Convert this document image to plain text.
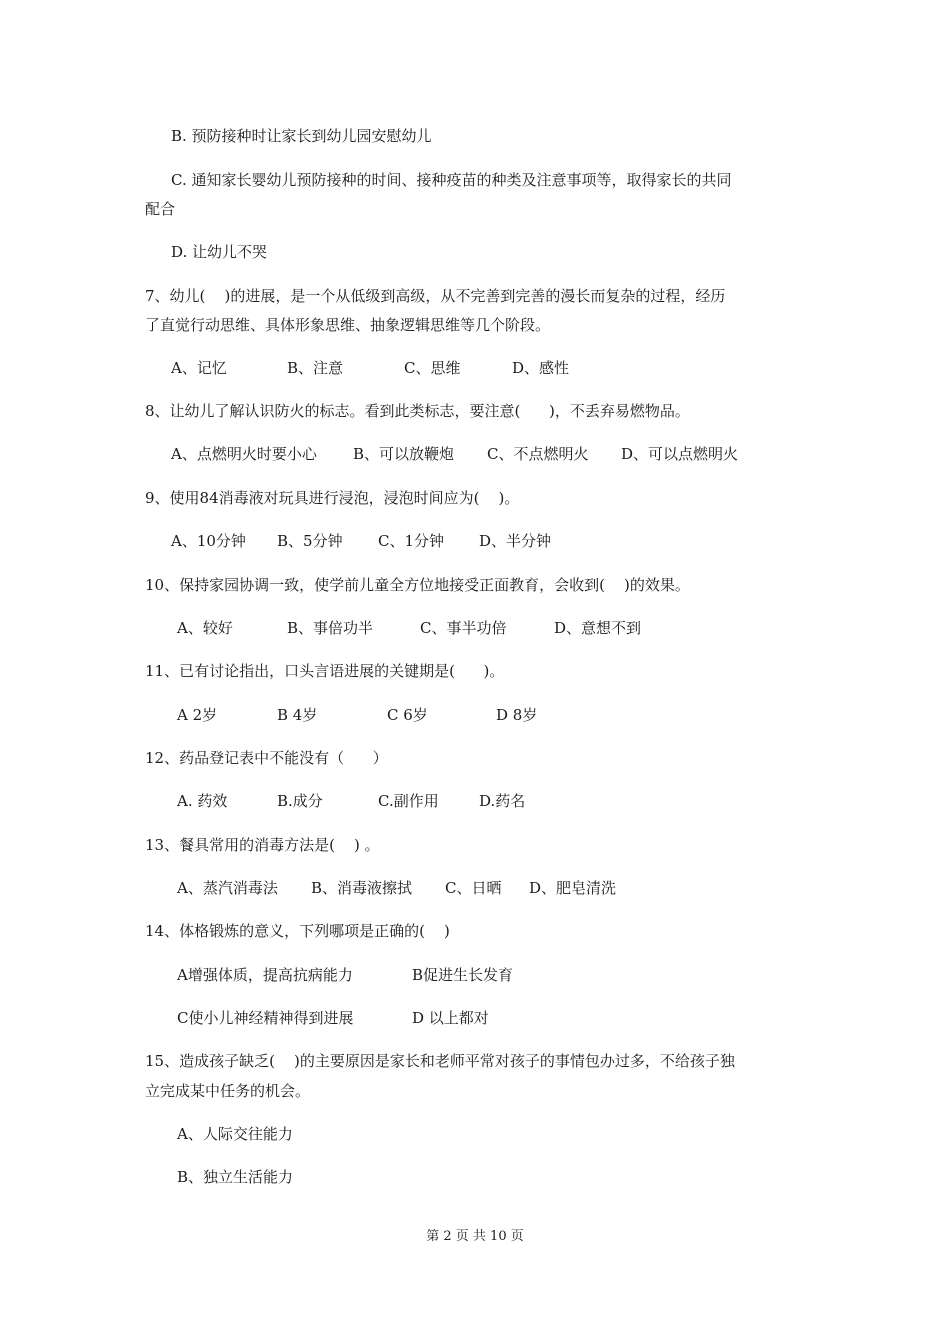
B. 预防接种时让家长到幼儿园安慰幼儿
C. 通知家长婴幼儿预防接种的时间、接种疫苗的种类及注意事项等，取得家长的共同
配合
D. 让幼儿不哭
7、幼儿(    )的进展，是一个从低级到高级，从不完善到完善的漫长而复杂的过程，经历
了直觉行动思维、具体形象思维、抽象逻辑思维等几个阶段。
A、记忆	B、注意	C、思维	D、感性
8、让幼儿了解认识防火的标志。看到此类标志，要注意(      )，不丢弃易燃物品。
A、点燃明火时要小心 B、可以放鞭炮 C、不点燃明火 D、可以点燃明火
9、使用84消毒液对玩具进行浸泡，浸泡时间应为(    )。
A、10分钟 B、5分钟 C、1分钟 D、半分钟
10、保持家园协调一致，使学前儿童全方位地接受正面教育，会收到(    )的效果。
A、较好	B、事倍功半	C、事半功倍	D、意想不到
11、已有讨论指出，口头言语进展的关键期是(      )。
A 2岁	B 4岁	C 6岁	D 8岁
12、药品登记表中不能没有（      ）
A. 药效	B.成分	C.副作用	D.药名
13、餐具常用的消毒方法是(    ) 。
A、蒸汽消毒法 B、消毒液擦拭 C、日晒 D、肥皂清洗
14、体格锻炼的意义，下列哪项是正确的(    )
A增强体质，提高抗病能力	B促进生长发育
C使小儿神经精神得到进展	D 以上都对
15、造成孩子缺乏(    )的主要原因是家长和老师平常对孩子的事情包办过多，不给孩子独
立完成某中任务的机会。
A、人际交往能力
B、独立生活能力
第 2 页 共 10 页
